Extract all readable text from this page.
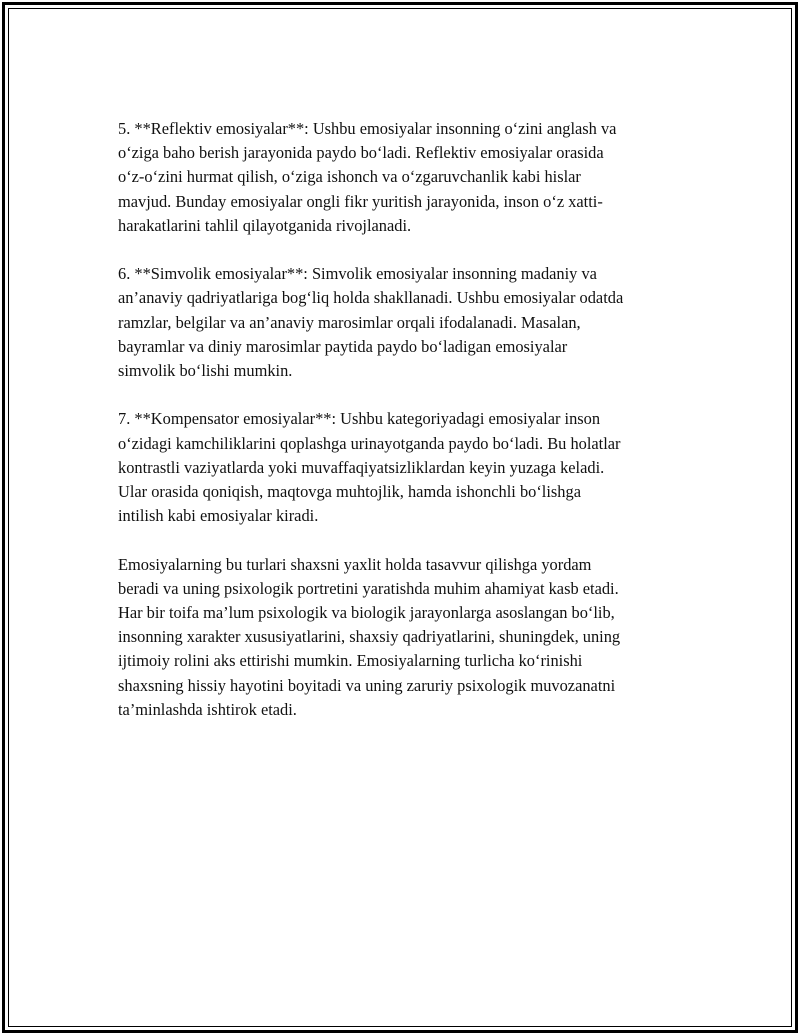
5. **Reflektiv emosiyalar**: Ushbu emosiyalar insonning o‘zini anglash va
o‘ziga baho berish jarayonida paydo bo‘ladi. Reflektiv emosiyalar orasida
o‘z-o‘zini hurmat qilish, o‘ziga ishonch va o‘zgaruvchanlik kabi hislar
mavjud. Bunday emosiyalar ongli fikr yuritish jarayonida, inson o‘z xatti-
harakatlarini tahlil qilayotganida rivojlanadi.

6. **Simvolik emosiyalar**: Simvolik emosiyalar insonning madaniy va
an’anaviy qadriyatlariga bog‘liq holda shakllanadi. Ushbu emosiyalar odatda
ramzlar, belgilar va an’anaviy marosimlar orqali ifodalanadi. Masalan,
bayramlar va diniy marosimlar paytida paydo bo‘ladigan emosiyalar
simvolik bo‘lishi mumkin.

7. **Kompensator emosiyalar**: Ushbu kategoriyadagi emosiyalar inson
o‘zidagi kamchiliklarini qoplashga urinayotganda paydo bo‘ladi. Bu holatlar
kontrastli vaziyatlarda yoki muvaffaqiyatsizliklardan keyin yuzaga keladi.
Ular orasida qoniqish, maqtovga muhtojlik, hamda ishonchli bo‘lishga
intilish kabi emosiyalar kiradi.

Emosiyalarning bu turlari shaxsni yaxlit holda tasavvur qilishga yordam
beradi va uning psixologik portretini yaratishda muhim ahamiyat kasb etadi.
Har bir toifa ma’lum psixologik va biologik jarayonlarga asoslangan bo‘lib,
insonning xarakter xususiyatlarini, shaxsiy qadriyatlarini, shuningdek, uning
ijtimoiy rolini aks ettirishi mumkin. Emosiyalarning turlicha ko‘rinishi
shaxsning hissiy hayotini boyitadi va uning zaruriy psixologik muvozanatni
ta’minlashda ishtirok etadi.
